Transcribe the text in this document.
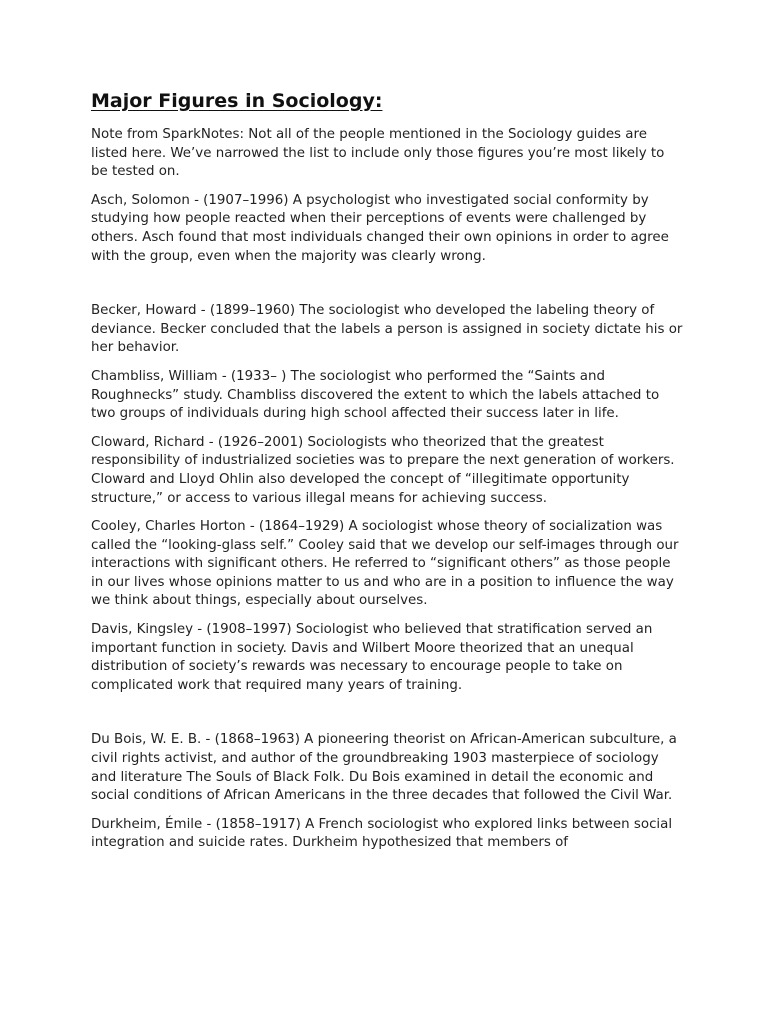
Major Figures in Sociology:

Note from SparkNotes: Not all of the people mentioned in the Sociology guides are listed here. We’ve narrowed the list to include only those figures you’re most likely to be tested on.

Asch, Solomon - (1907–1996) A psychologist who investigated social conformity by studying how people reacted when their perceptions of events were challenged by others. Asch found that most individuals changed their own opinions in order to agree with the group, even when the majority was clearly wrong.

Becker, Howard - (1899–1960) The sociologist who developed the labeling theory of deviance. Becker concluded that the labels a person is assigned in society dictate his or her behavior.

Chambliss, William - (1933– ) The sociologist who performed the “Saints and Roughnecks” study. Chambliss discovered the extent to which the labels attached to two groups of individuals during high school affected their success later in life.

Cloward, Richard - (1926–2001) Sociologists who theorized that the greatest responsibility of industrialized societies was to prepare the next generation of workers. Cloward and Lloyd Ohlin also developed the concept of “illegitimate opportunity structure,” or access to various illegal means for achieving success.

Cooley, Charles Horton - (1864–1929) A sociologist whose theory of socialization was called the “looking-glass self.” Cooley said that we develop our self-images through our interactions with significant others. He referred to “significant others” as those people in our lives whose opinions matter to us and who are in a position to influence the way we think about things, especially about ourselves.

Davis, Kingsley - (1908–1997) Sociologist who believed that stratification served an important function in society. Davis and Wilbert Moore theorized that an unequal distribution of society’s rewards was necessary to encourage people to take on complicated work that required many years of training.

Du Bois, W. E. B. - (1868–1963) A pioneering theorist on African-American subculture, a civil rights activist, and author of the groundbreaking 1903 masterpiece of sociology and literature The Souls of Black Folk. Du Bois examined in detail the economic and social conditions of African Americans in the three decades that followed the Civil War.

Durkheim, Émile - (1858–1917) A French sociologist who explored links between social integration and suicide rates. Durkheim hypothesized that members of
